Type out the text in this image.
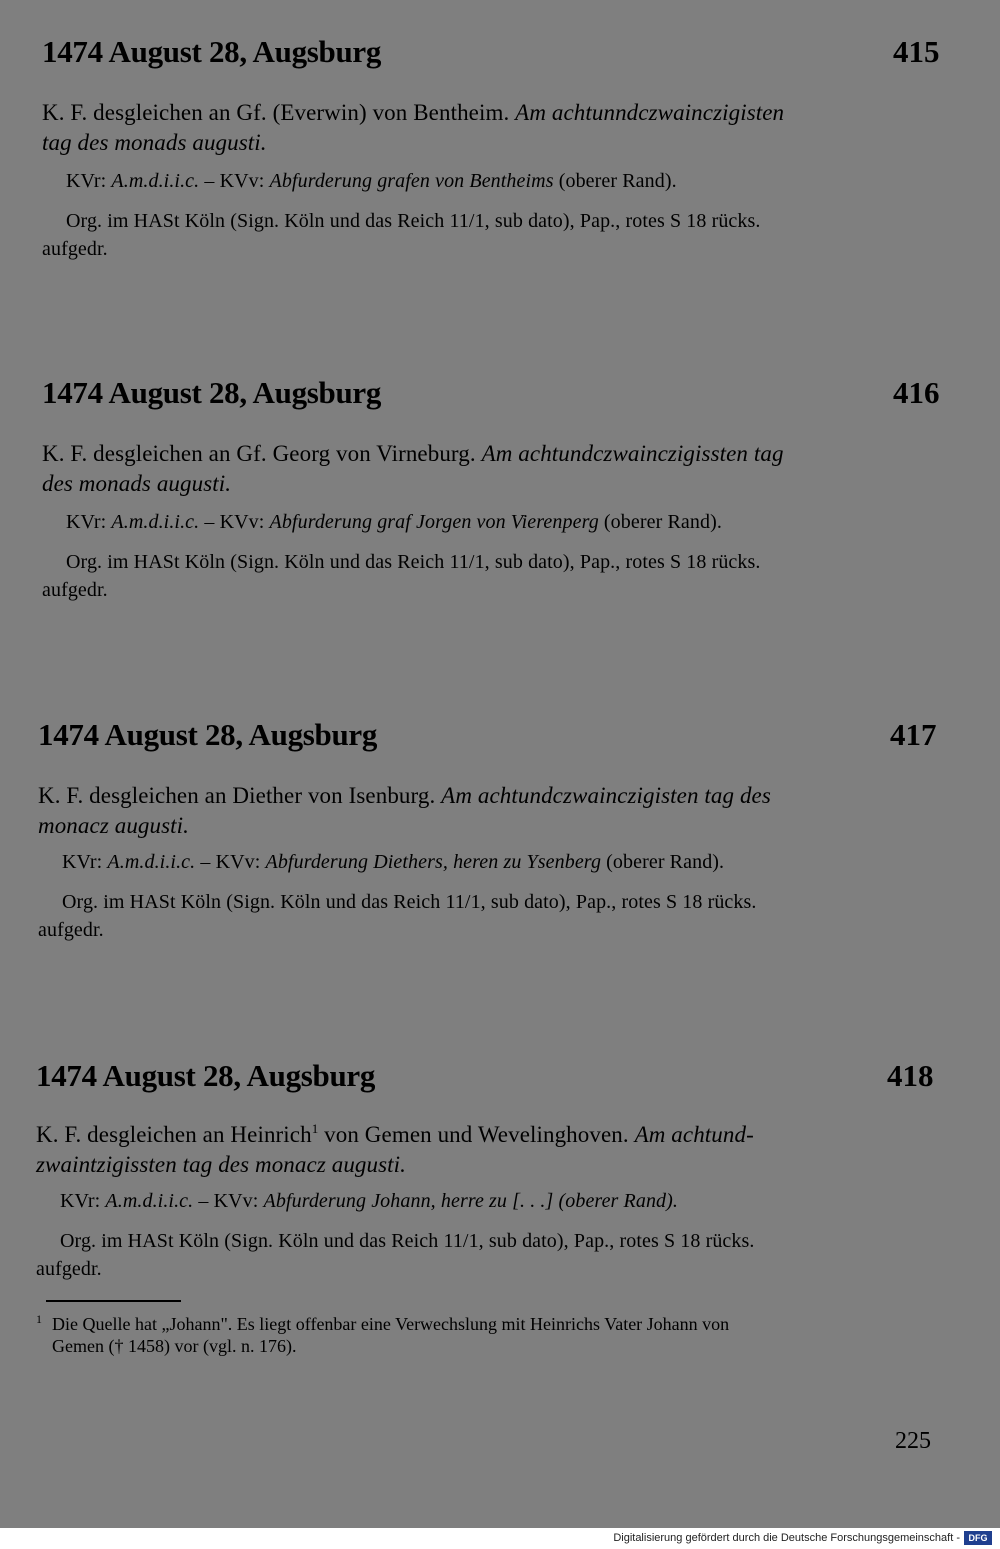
1474 August 28, Augsburg	415
K. F. desgleichen an Gf. (Everwin) von Bentheim. Am achtunndczwainczigisten
tag des monads augusti.
KVr: A.m.d.i.i.c. – KVv: Abfurderung grafen von Bentheims (oberer Rand).
Org. im HASt Köln (Sign. Köln und das Reich 11/1, sub dato), Pap., rotes S 18 rücks.
aufgedr.
1474 August 28, Augsburg	416
K. F. desgleichen an Gf. Georg von Virneburg. Am achtundczwainczigissten tag
des monads augusti.
KVr: A.m.d.i.i.c. – KVv: Abfurderung graf Jorgen von Vierenperg (oberer Rand).
Org. im HASt Köln (Sign. Köln und das Reich 11/1, sub dato), Pap., rotes S 18 rücks.
aufgedr.
1474 August 28, Augsburg	417
K. F. desgleichen an Diether von Isenburg. Am achtundczwainczigisten tag des
monacz augusti.
KVr: A.m.d.i.i.c. – KVv: Abfurderung Diethers, heren zu Ysenberg (oberer Rand).
Org. im HASt Köln (Sign. Köln und das Reich 11/1, sub dato), Pap., rotes S 18 rücks.
aufgedr.
1474 August 28, Augsburg	418
K. F. desgleichen an Heinrich$^1$ von Gemen und Wevelinghoven. Am achtund-
zwaintzigissten tag des monacz augusti.
KVr: A.m.d.i.i.c. – KVv: Abfurderung Johann, herre zu [. . .] (oberer Rand).
Org. im HASt Köln (Sign. Köln und das Reich 11/1, sub dato), Pap., rotes S 18 rücks.
aufgedr.
1 Die Quelle hat „Johann". Es liegt offenbar eine Verwechslung mit Heinrichs Vater Johann von
Gemen († 1458) vor (vgl. n. 176).
225
Digitalisierung gefördert durch die Deutsche Forschungsgemeinschaft - DFG
